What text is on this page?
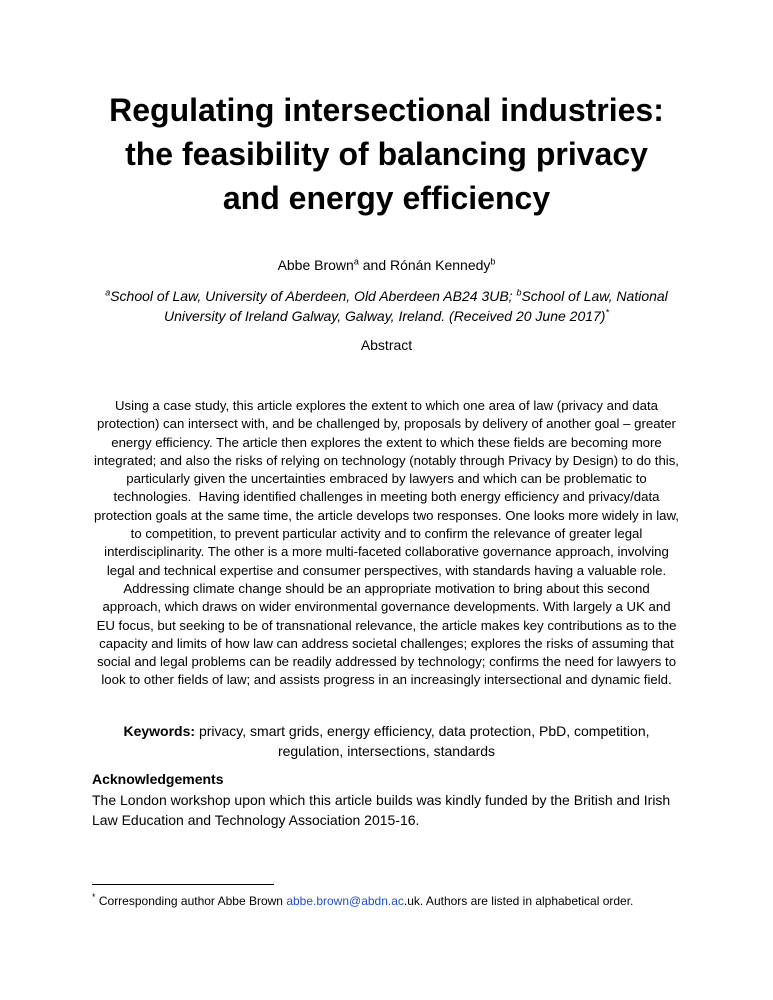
Regulating intersectional industries:
the feasibility of balancing privacy
and energy efficiency
Abbe Brown$^a$ and Rónán Kennedy$^b$
$^a$School of Law, University of Aberdeen, Old Aberdeen AB24 3UB; $^b$School of Law, National
University of Ireland Galway, Galway, Ireland. (Received 20 June 2017)*
Abstract
Using a case study, this article explores the extent to which one area of law (privacy and data
protection) can intersect with, and be challenged by, proposals by delivery of another goal – greater
energy efficiency. The article then explores the extent to which these fields are becoming more
integrated; and also the risks of relying on technology (notably through Privacy by Design) to do this,
particularly given the uncertainties embraced by lawyers and which can be problematic to
technologies.  Having identified challenges in meeting both energy efficiency and privacy/data
protection goals at the same time, the article develops two responses. One looks more widely in law,
to competition, to prevent particular activity and to confirm the relevance of greater legal
interdisciplinarity. The other is a more multi-faceted collaborative governance approach, involving
legal and technical expertise and consumer perspectives, with standards having a valuable role.
Addressing climate change should be an appropriate motivation to bring about this second
approach, which draws on wider environmental governance developments. With largely a UK and
EU focus, but seeking to be of transnational relevance, the article makes key contributions as to the
capacity and limits of how law can address societal challenges; explores the risks of assuming that
social and legal problems can be readily addressed by technology; confirms the need for lawyers to
look to other fields of law; and assists progress in an increasingly intersectional and dynamic field.
Keywords: privacy, smart grids, energy efficiency, data protection, PbD, competition,
regulation, intersections, standards
Acknowledgements
The London workshop upon which this article builds was kindly funded by the British and Irish
Law Education and Technology Association 2015-16.
* Corresponding author Abbe Brown abbe.brown@abdn.ac.uk. Authors are listed in alphabetical order.
